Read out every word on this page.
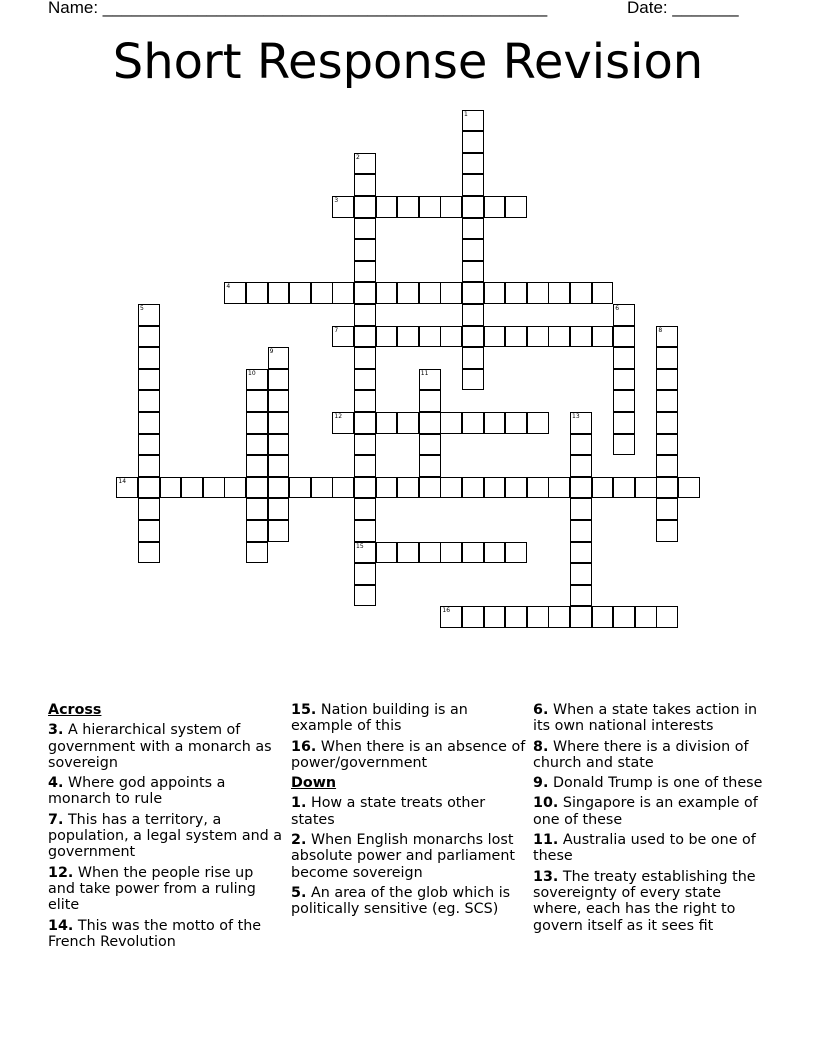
Name: _______________________________________________	Date: _______
Short Response Revision
1
2
15
3
4
5	6
7	8
9
10	11
12	13
14
16
Across
3. A hierarchical system of government with a monarch as sovereign
4. Where god appoints a monarch to rule
7. This has a territory, a population, a legal system and a government
12. When the people rise up and take power from a ruling elite
14. This was the motto of the French Revolution
15. Nation building is an example of this
16. When there is an absence of power/government
Down
1. How a state treats other states
2. When English monarchs lost absolute power and parliament become sovereign
5. An area of the glob which is politically sensitive (eg. SCS)
6. When a state takes action in its own national interests
8. Where there is a division of church and state
9. Donald Trump is one of these
10. Singapore is an example of one of these
11. Australia used to be one of these
13. The treaty establishing the sovereignty of every state where, each has the right to govern itself as it sees fit
